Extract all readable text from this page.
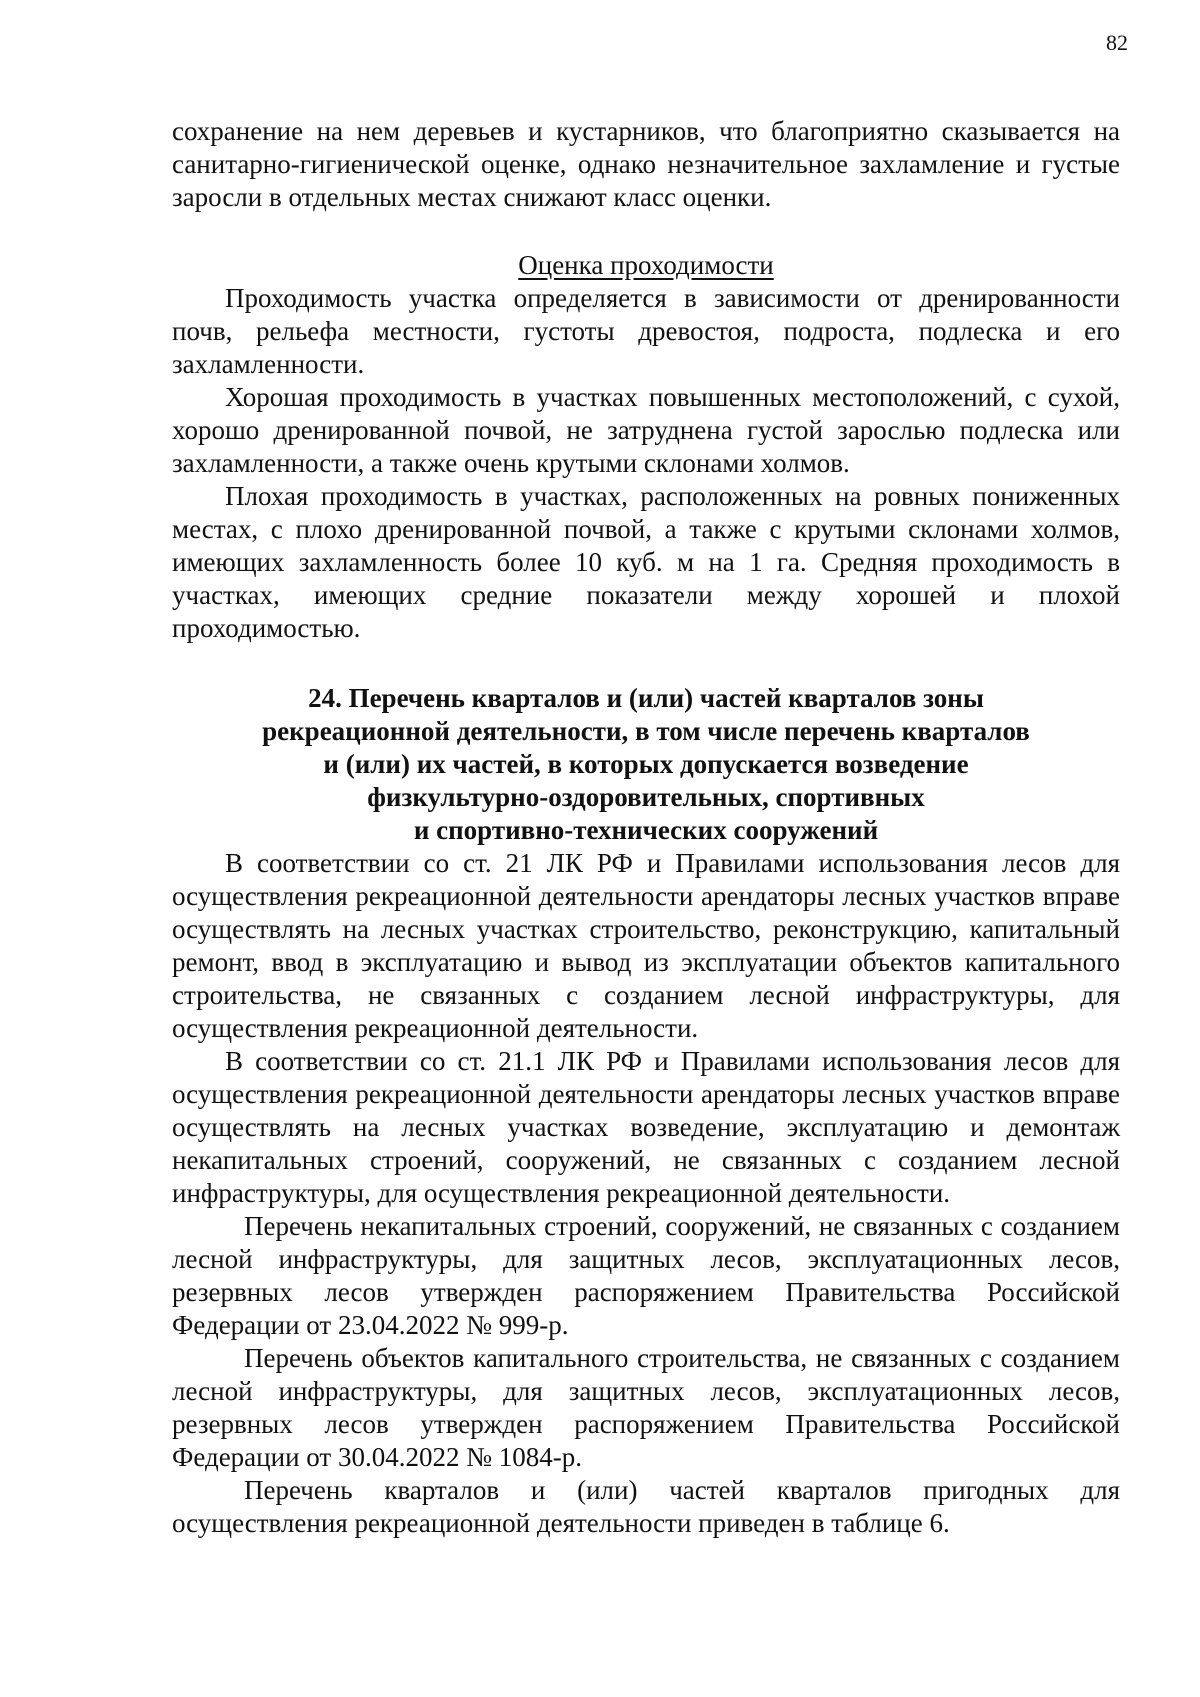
82

сохранение на нем деревьев и кустарников, что благоприятно сказывается на санитарно-гигиенической оценке, однако незначительное захламление и густые заросли в отдельных местах снижают класс оценки.

Оценка проходимости

Проходимость участка определяется в зависимости от дренированности почв, рельефа местности, густоты древостоя, подроста, подлеска и его захламленности.

Хорошая проходимость в участках повышенных местоположений, с сухой, хорошо дренированной почвой, не затруднена густой зарослью подлеска или захламленности, а также очень крутыми склонами холмов.

Плохая проходимость в участках, расположенных на ровных пониженных местах, с плохо дренированной почвой, а также с крутыми склонами холмов, имеющих захламленность более 10 куб. м на 1 га. Средняя проходимость в участках, имеющих средние показатели между хорошей и плохой проходимостью.

24. Перечень кварталов и (или) частей кварталов зоны
рекреационной деятельности, в том числе перечень кварталов
и (или) их частей, в которых допускается возведение
физкультурно-оздоровительных, спортивных
и спортивно-технических сооружений

В соответствии со ст. 21 ЛК РФ и Правилами использования лесов для осуществления рекреационной деятельности арендаторы лесных участков вправе осуществлять на лесных участках строительство, реконструкцию, капитальный ремонт, ввод в эксплуатацию и вывод из эксплуатации объектов капитального строительства, не связанных с созданием лесной инфраструктуры, для осуществления рекреационной деятельности.

В соответствии со ст. 21.1 ЛК РФ и Правилами использования лесов для осуществления рекреационной деятельности арендаторы лесных участков вправе осуществлять на лесных участках возведение, эксплуатацию и демонтаж некапитальных строений, сооружений, не связанных с созданием лесной инфраструктуры, для осуществления рекреационной деятельности.

Перечень некапитальных строений, сооружений, не связанных с созданием лесной инфраструктуры, для защитных лесов, эксплуатационных лесов, резервных лесов утвержден распоряжением Правительства Российской Федерации от 23.04.2022 № 999-р.

Перечень объектов капитального строительства, не связанных с созданием лесной инфраструктуры, для защитных лесов, эксплуатационных лесов, резервных лесов утвержден распоряжением Правительства Российской Федерации от 30.04.2022 № 1084-р.

Перечень кварталов и (или) частей кварталов пригодных для осуществления рекреационной деятельности приведен в таблице 6.
